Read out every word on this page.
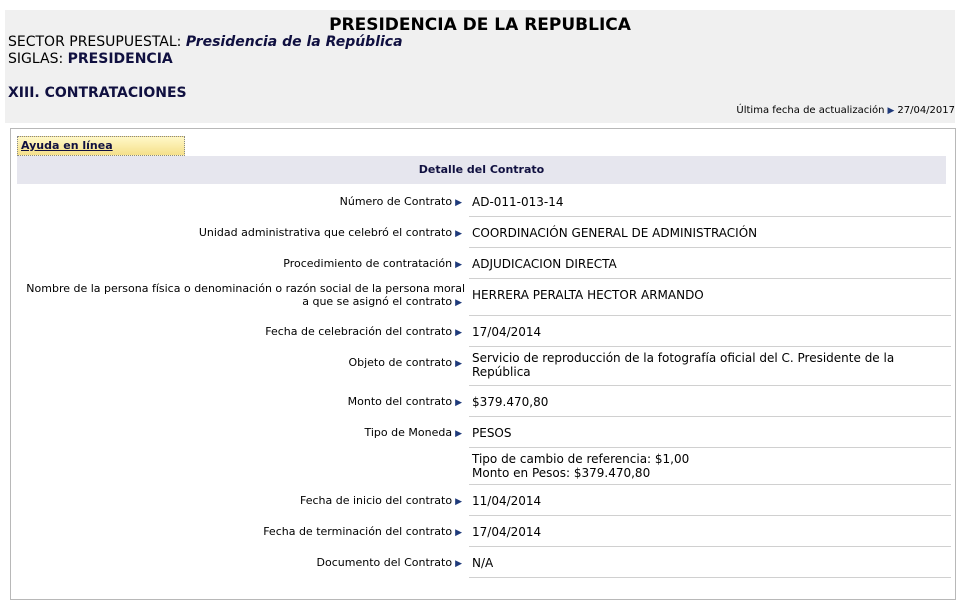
PRESIDENCIA DE LA REPUBLICA
SECTOR PRESUPUESTAL: Presidencia de la República
SIGLAS: PRESIDENCIA
XIII. CONTRATACIONES
Última fecha de actualización ▶ 27/04/2017
Ayuda en línea
Detalle del Contrato
Número de Contrato ▶ AD-011-013-14
Unidad administrativa que celebró el contrato ▶ COORDINACIÓN GENERAL DE ADMINISTRACIÓN
Procedimiento de contratación ▶ ADJUDICACION DIRECTA
Nombre de la persona física o denominación o razón social de la persona moral a que se asignó el contrato ▶
HERRERA PERALTA HECTOR ARMANDO
Fecha de celebración del contrato ▶ 17/04/2014
Objeto de contrato ▶ Servicio de reproducción de la fotografía oficial del C. Presidente de la República
Monto del contrato ▶ $379.470,80
Tipo de Moneda ▶ PESOS
Tipo de cambio de referencia: $1,00
Monto en Pesos: $379.470,80
Fecha de inicio del contrato ▶ 11/04/2014
Fecha de terminación del contrato ▶ 17/04/2014
Documento del Contrato ▶ N/A
